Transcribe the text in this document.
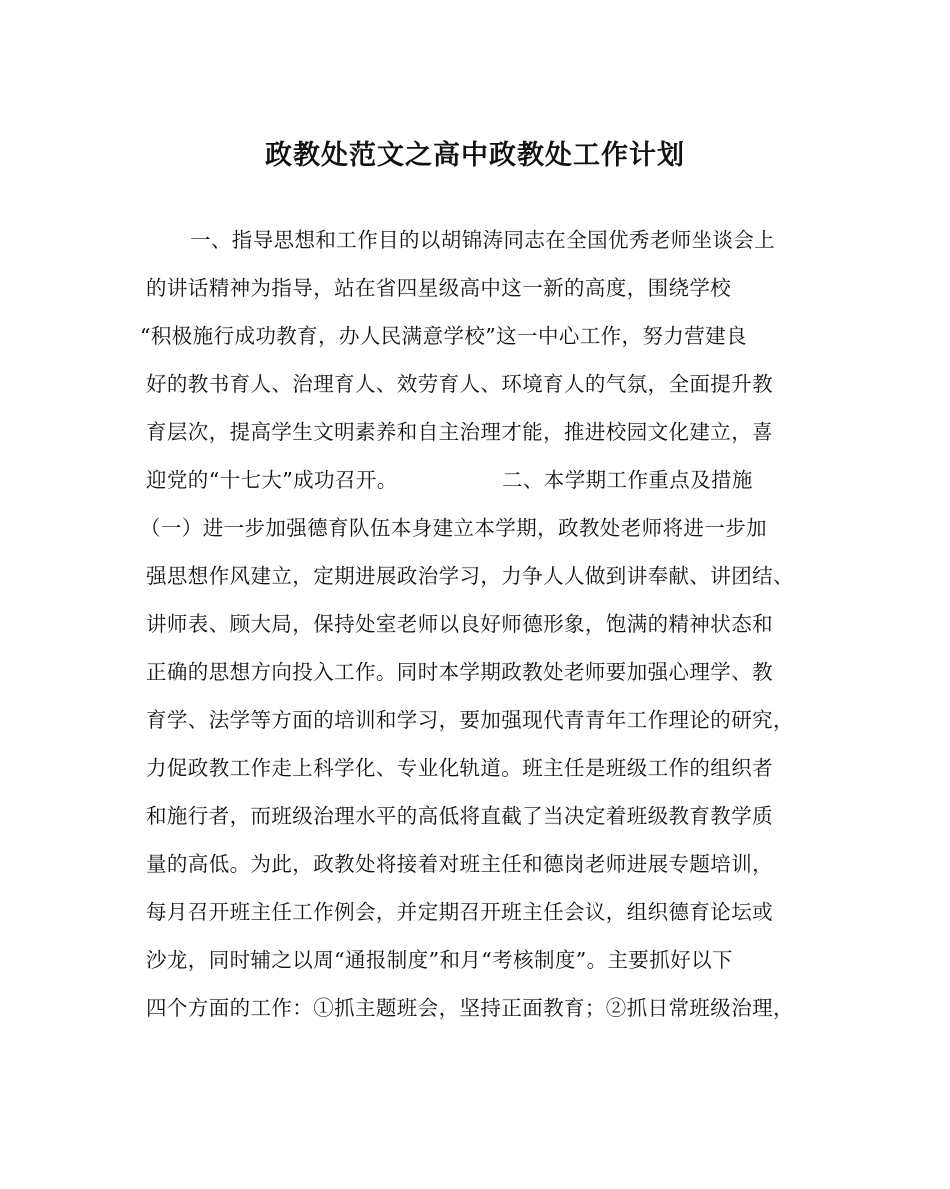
政教处范文之高中政教处工作计划
一、指导思想和工作目的以胡锦涛同志在全国优秀老师坐谈会上
的讲话精神为指导，站在省四星级高中这一新的高度，围绕学校
“积极施行成功教育，办人民满意学校”这一中心工作，努力营建良
好的教书育人、治理育人、效劳育人、环境育人的气氛，全面提升教
育层次，提高学生文明素养和自主治理才能，推进校园文化建立，喜
迎党的“十七大”成功召开。	二、本学期工作重点及措施
（一）进一步加强德育队伍本身建立本学期，政教处老师将进一步加
强思想作风建立，定期进展政治学习，力争人人做到讲奉献、讲团结、
讲师表、顾大局，保持处室老师以良好师德形象，饱满的精神状态和
正确的思想方向投入工作。同时本学期政教处老师要加强心理学、教
育学、法学等方面的培训和学习，要加强现代青青年工作理论的研究，
力促政教工作走上科学化、专业化轨道。班主任是班级工作的组织者
和施行者，而班级治理水平的高低将直截了当决定着班级教育教学质
量的高低。为此，政教处将接着对班主任和德岗老师进展专题培训，
每月召开班主任工作例会，并定期召开班主任会议，组织德育论坛或
沙龙，同时辅之以周“通报制度”和月“考核制度”。主要抓好以下
四个方面的工作：①抓主题班会，坚持正面教育；②抓日常班级治理，
